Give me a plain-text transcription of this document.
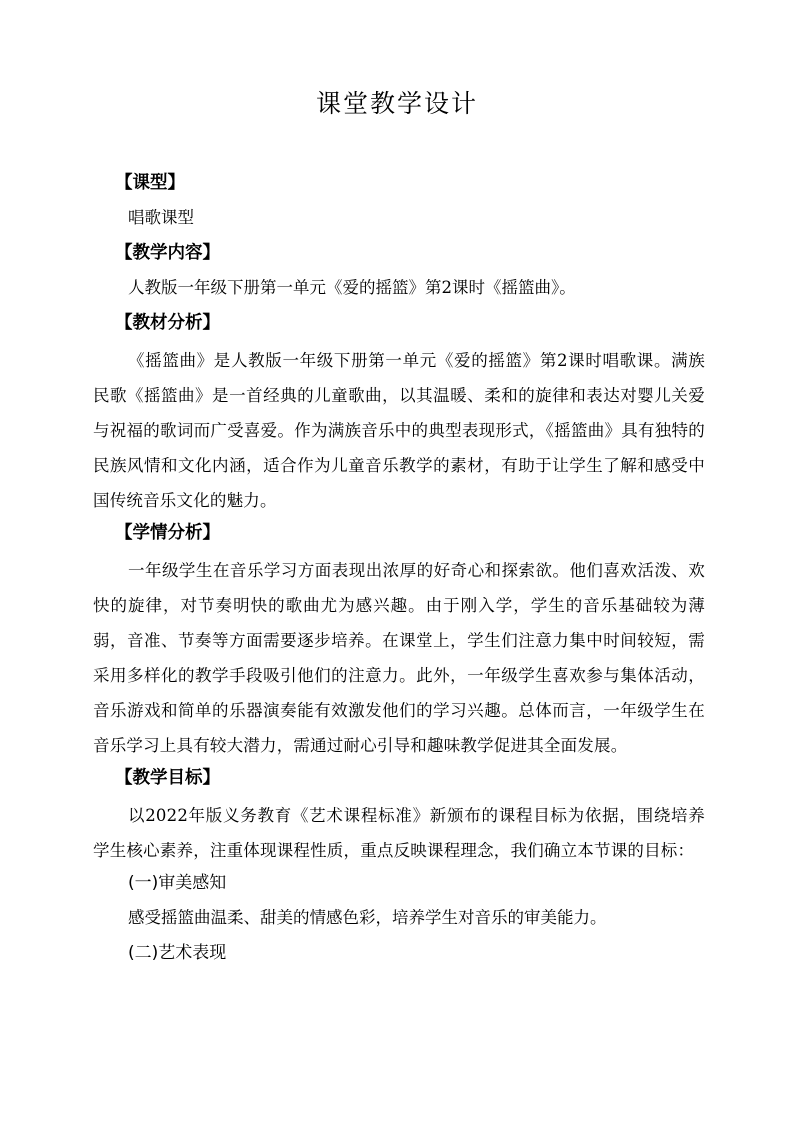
课堂教学设计
【课型】
唱歌课型
【教学内容】
人教版一年级下册第一单元《爱的摇篮》第2课时《摇篮曲》。
【教材分析】
《摇篮曲》是人教版一年级下册第一单元《爱的摇篮》第2课时唱歌课。满族民歌《摇篮曲》是一首经典的儿童歌曲，以其温暖、柔和的旋律和表达对婴儿关爱与祝福的歌词而广受喜爱。作为满族音乐中的典型表现形式，《摇篮曲》具有独特的民族风情和文化内涵，适合作为儿童音乐教学的素材，有助于让学生了解和感受中国传统音乐文化的魅力。
【学情分析】
一年级学生在音乐学习方面表现出浓厚的好奇心和探索欲。他们喜欢活泼、欢快的旋律，对节奏明快的歌曲尤为感兴趣。由于刚入学，学生的音乐基础较为薄弱，音准、节奏等方面需要逐步培养。在课堂上，学生们注意力集中时间较短，需采用多样化的教学手段吸引他们的注意力。此外，一年级学生喜欢参与集体活动，音乐游戏和简单的乐器演奏能有效激发他们的学习兴趣。总体而言，一年级学生在音乐学习上具有较大潜力，需通过耐心引导和趣味教学促进其全面发展。
【教学目标】
以2022年版义务教育《艺术课程标准》新颁布的课程目标为依据，围绕培养学生核心素养，注重体现课程性质，重点反映课程理念，我们确立本节课的目标：
(一)审美感知
感受摇篮曲温柔、甜美的情感色彩，培养学生对音乐的审美能力。
(二)艺术表现
